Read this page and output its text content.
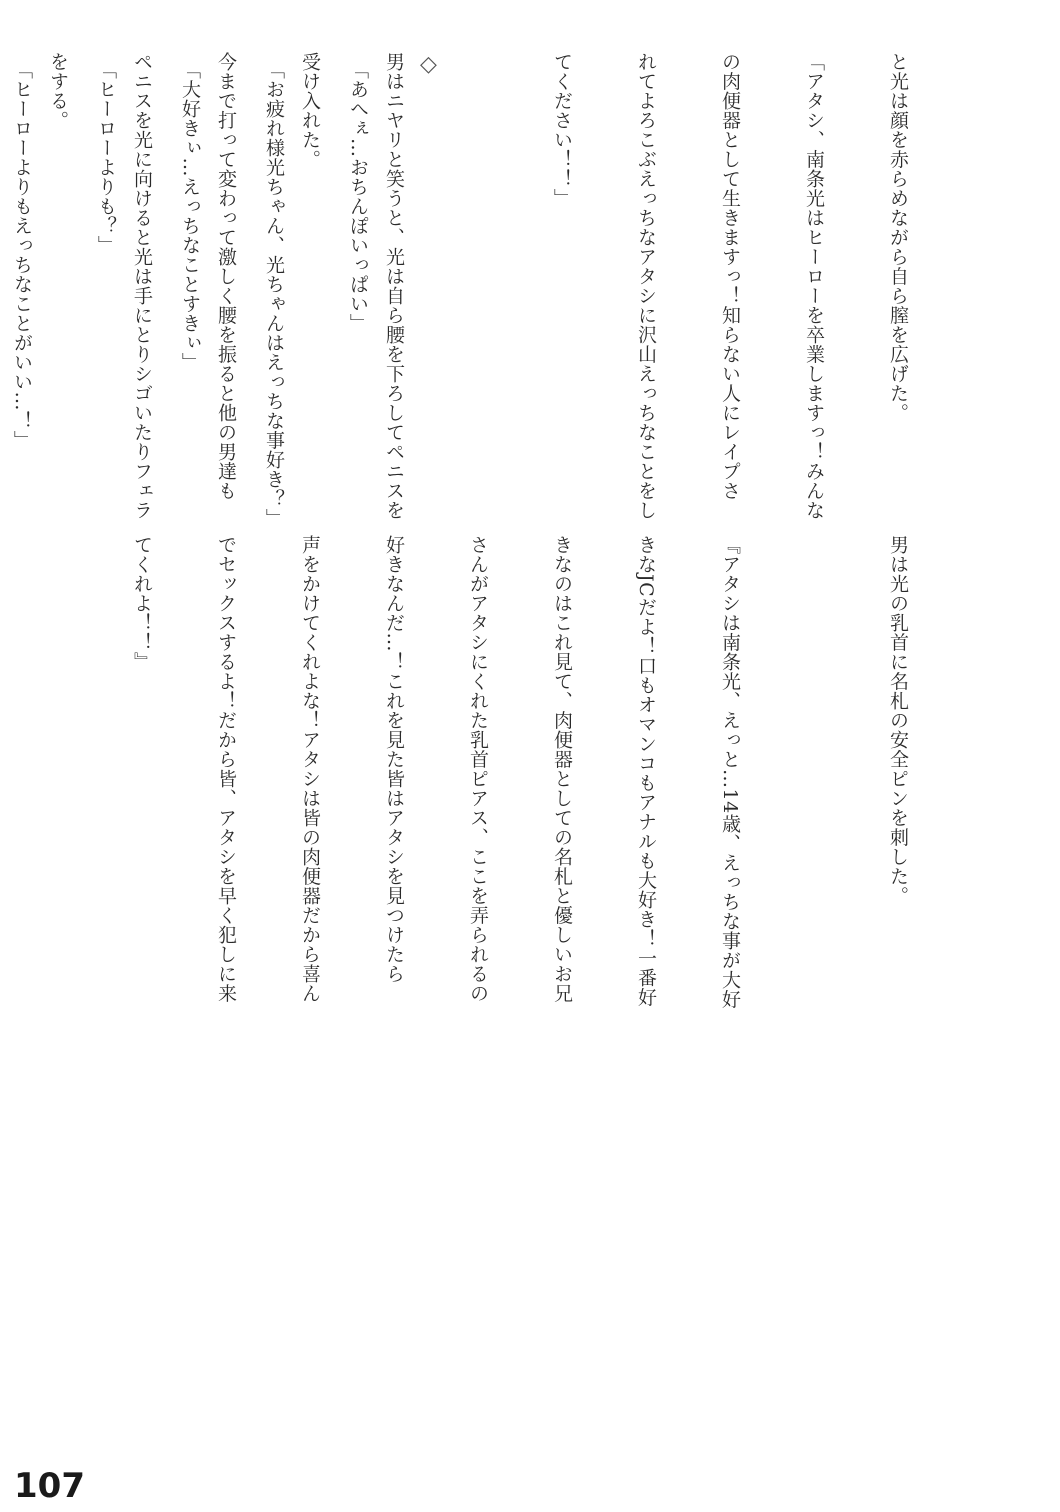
と光は顔を赤らめながら自ら膣を広げた。

「アタシ、南条光はヒーローを卒業しますっ！みんな

の肉便器として生きますっ！知らない人にレイプさ

れてよろこぶえっちなアタシに沢山えっちなことをし

てください！！」

男はニヤリと笑うと、光は自ら腰を下ろしてペニスを

受け入れた。

今まで打って変わって激しく腰を振ると他の男達も

ペニスを光に向けると光は手にとりシゴいたりフェラ

をする。

	◇

「あへぇ…おちんぽいっぱい」

「お疲れ様光ちゃん、光ちゃんはえっちな事好き？」

「大好きぃ…えっちなことすきぃ」

「ヒーローよりも？」

「ヒーローよりもえっちなことがいい…！」

男は光の乳首に名札の安全ピンを刺した。

『アタシは南条光、えっと…14歳、えっちな事が大好

きなJCだよ！口もオマンコもアナルも大好き！一番好

きなのはこれ見て、肉便器としての名札と優しいお兄

さんがアタシにくれた乳首ピアス、ここを弄られるの

好きなんだ…！これを見た皆はアタシを見つけたら

声をかけてくれよな！アタシは皆の肉便器だから喜ん

でセックスするよ！だから皆、アタシを早く犯しに来

てくれよ！！』

107
